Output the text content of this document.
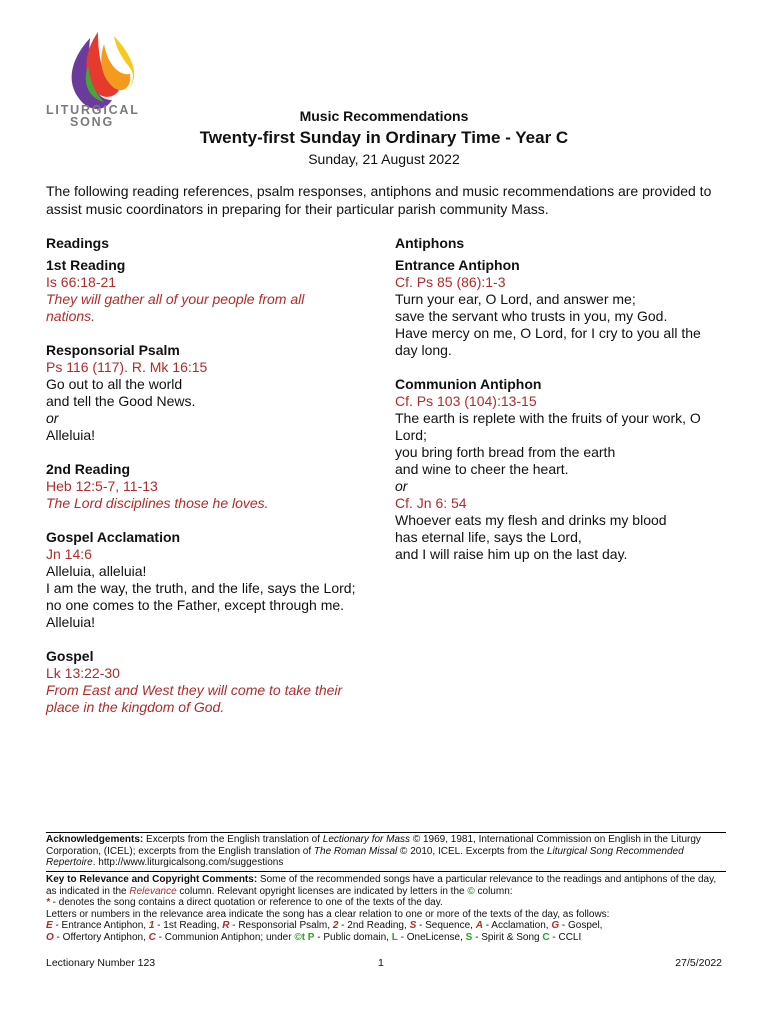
LITURGICAL
SONG	Music Recommendations
Twenty-first Sunday in Ordinary Time - Year C
Sunday, 21 August 2022
The following reading references, psalm responses, antiphons and music recommendations are provided to assist music coordinators in preparing for their particular parish community Mass.
Readings
1st Reading
Is 66:18-21
They will gather all of your people from all nations.
Responsorial Psalm
Ps 116 (117). R. Mk 16:15
Go out to all the world
and tell the Good News.
or
Alleluia!
2nd Reading
Heb 12:5-7, 11-13
The Lord disciplines those he loves.
Gospel Acclamation
Jn 14:6
Alleluia, alleluia!
I am the way, the truth, and the life, says the Lord;
no one comes to the Father, except through me.
Alleluia!
Gospel
Lk 13:22-30
From East and West they will come to take their place in the kingdom of God.
Antiphons
Entrance Antiphon
Cf. Ps 85 (86):1-3
Turn your ear, O Lord, and answer me;
save the servant who trusts in you, my God.
Have mercy on me, O Lord, for I cry to you all the day long.
Communion Antiphon
Cf. Ps 103 (104):13-15
The earth is replete with the fruits of your work, O Lord;
you bring forth bread from the earth
and wine to cheer the heart.
or
Cf. Jn 6: 54
Whoever eats my flesh and drinks my blood
has eternal life, says the Lord,
and I will raise him up on the last day.
Acknowledgements: Excerpts from the English translation of Lectionary for Mass © 1969, 1981, International Commission on English in the Liturgy Corporation, (ICEL); excerpts from the English translation of The Roman Missal © 2010, ICEL. Excerpts from the Liturgical Song Recommended Repertoire. http://www.liturgicalsong.com/suggestions
Key to Relevance and Copyright Comments: Some of the recommended songs have a particular relevance to the readings and antiphons of the day, as indicated in the Relevance column. Relevant opyright licenses are indicated by letters in the © column:
* - denotes the song contains a direct quotation or reference to one of the texts of the day.
Letters or numbers in the relevance area indicate the song has a clear relation to one or more of the texts of the day, as follows:
E - Entrance Antiphon, 1 - 1st Reading, R - Responsorial Psalm, 2 - 2nd Reading, S - Sequence, A - Acclamation, G - Gospel,
O - Offertory Antiphon, C - Communion Antiphon; under ©t P - Public domain, L - OneLicense, S - Spirit & Song C - CCLI
Lectionary Number 123	1	27/5/2022
